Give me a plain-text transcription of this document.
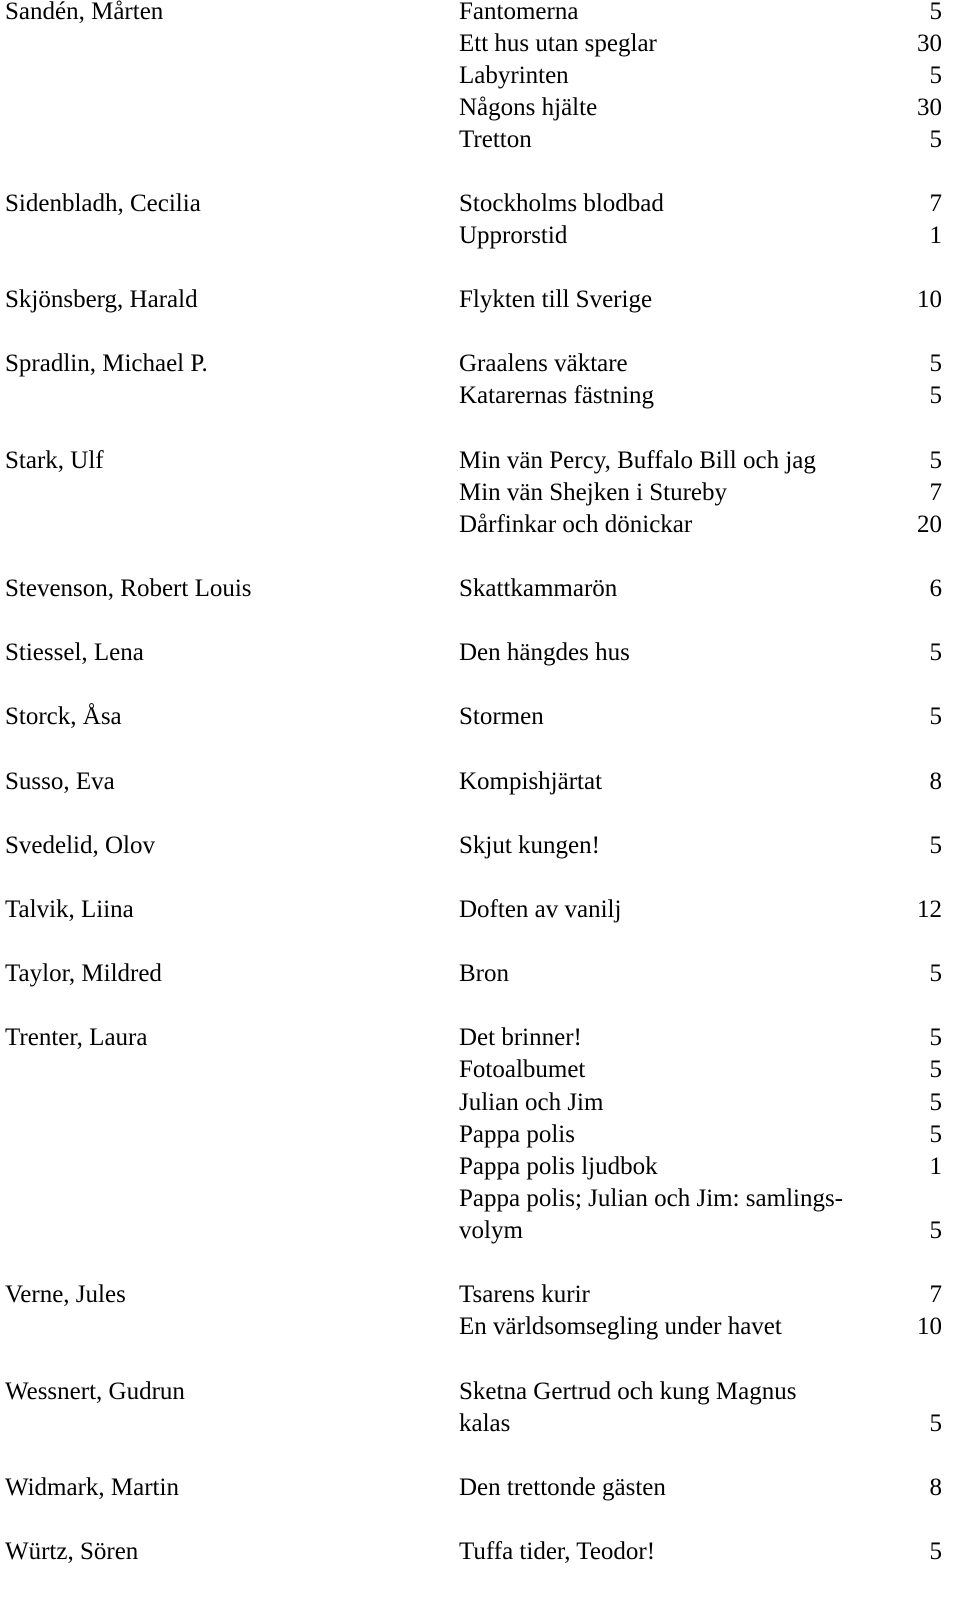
Sandén, Mårten	Fantomerna	5
Ett hus utan speglar	30
Labyrinten	5
Någons hjälte	30
Tretton	5
Sidenbladh, Cecilia	Stockholms blodbad	7
Upprorstid	1
Skjönsberg, Harald	Flykten till Sverige	10
Spradlin, Michael P.	Graalens väktare	5
Katarernas fästning	5
Stark, Ulf	Min vän Percy, Buffalo Bill och jag	5
Min vän Shejken i Stureby	7
Dårfinkar och dönickar	20
Stevenson, Robert Louis	Skattkammarön	6
Stiessel, Lena	Den hängdes hus	5
Storck, Åsa	Stormen	5
Susso, Eva	Kompishjärtat	8
Svedelid, Olov	Skjut kungen!	5
Talvik, Liina	Doften av vanilj	12
Taylor, Mildred	Bron	5
Trenter, Laura	Det brinner!	5
Fotoalbumet	5
Julian och Jim	5
Pappa polis	5
Pappa polis ljudbok	1
Pappa polis; Julian och Jim: samlings-
volym	5
Verne, Jules	Tsarens kurir	7
En världsomsegling under havet	10
Wessnert, Gudrun	Sketna Gertrud och kung Magnus
kalas	5
Widmark, Martin	Den trettonde gästen	8
Würtz, Sören	Tuffa tider, Teodor!	5
